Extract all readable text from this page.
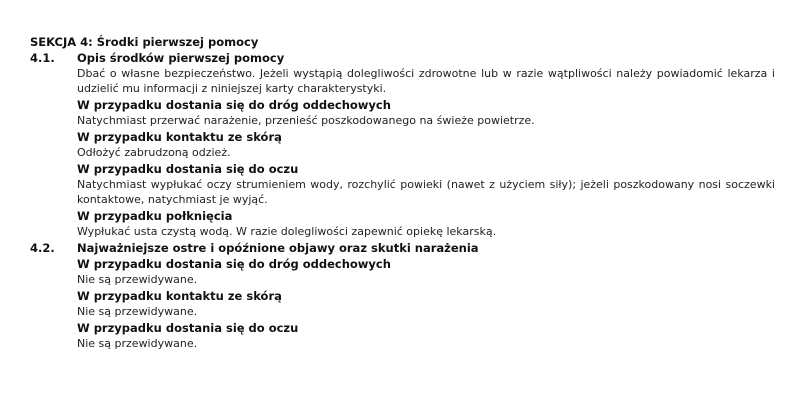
SEKCJA 4: Środki pierwszej pomocy
4.1. Opis środków pierwszej pomocy
Dbać o własne bezpieczeństwo. Jeżeli wystąpią dolegliwości zdrowotne lub w razie wątpliwości należy powiadomić lekarza i udzielić mu informacji z niniejszej karty charakterystyki.
W przypadku dostania się do dróg oddechowych
Natychmiast przerwać narażenie, przenieść poszkodowanego na świeże powietrze.
W przypadku kontaktu ze skórą
Odłożyć zabrudzoną odzież.
W przypadku dostania się do oczu
Natychmiast wypłukać oczy strumieniem wody, rozchylić powieki (nawet z użyciem siły); jeżeli poszkodowany nosi soczewki kontaktowe, natychmiast je wyjąć.
W przypadku połknięcia
Wypłukać usta czystą wodą. W razie dolegliwości zapewnić opiekę lekarską.
4.2. Najważniejsze ostre i opóźnione objawy oraz skutki narażenia
W przypadku dostania się do dróg oddechowych
Nie są przewidywane.
W przypadku kontaktu ze skórą
Nie są przewidywane.
W przypadku dostania się do oczu
Nie są przewidywane.
